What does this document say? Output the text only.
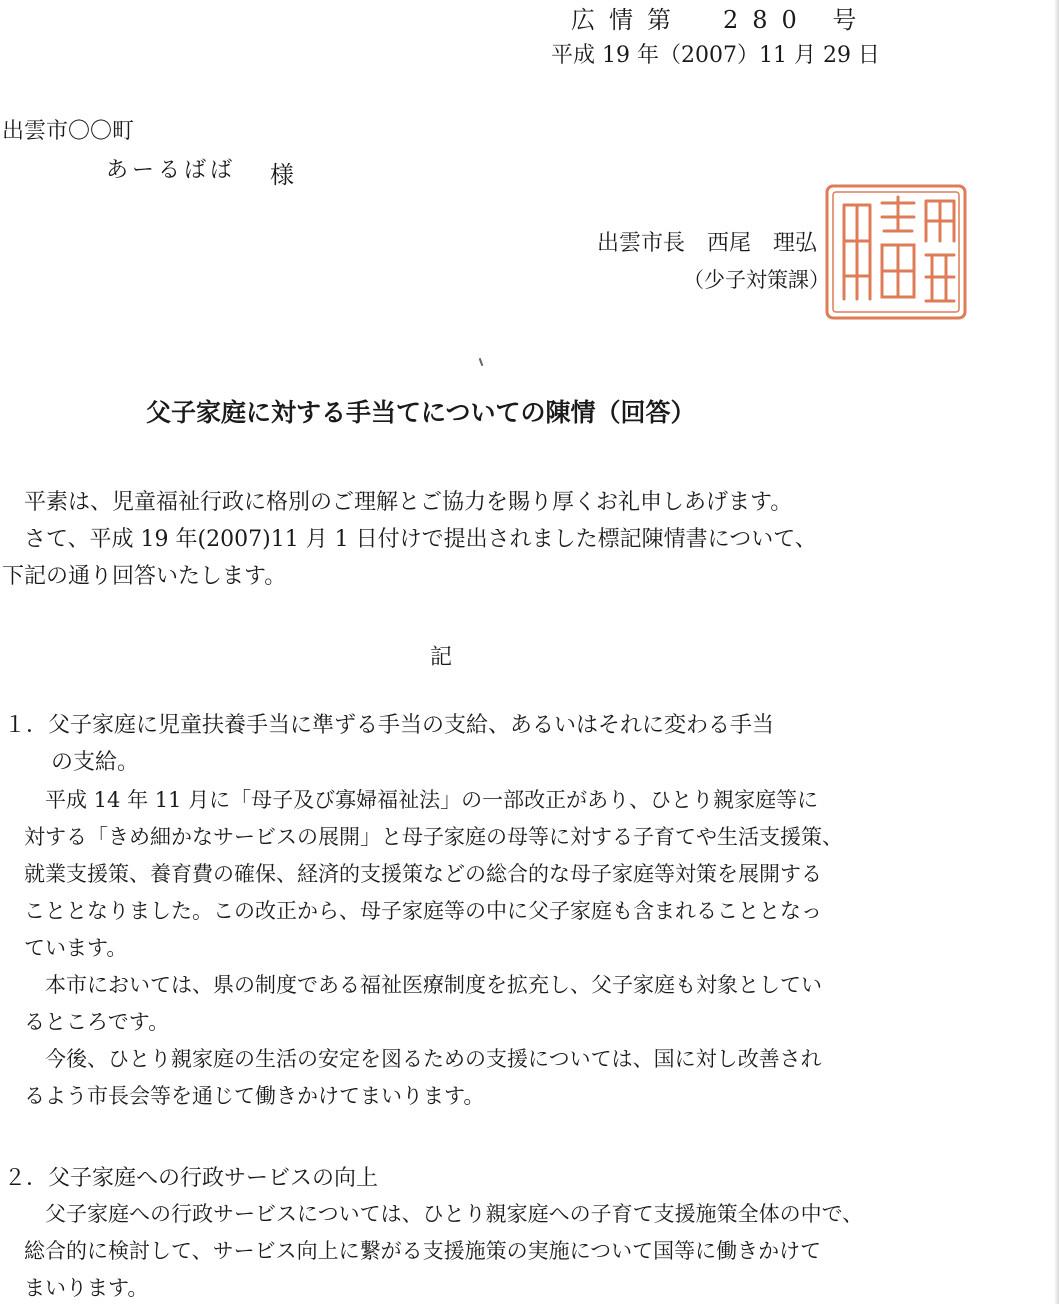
広情第　280 号
平成 19 年（2007）11 月 29 日
出雲市〇〇町
あーるばば 様
出雲市長　西尾　理弘
（少子対策課）
父子家庭に対する手当てについての陳情（回答）
　平素は、児童福祉行政に格別のご理解とご協力を賜り厚くお礼申しあげます。
　さて、平成 19 年(2007)11 月 1 日付けで提出されました標記陳情書について、
下記の通り回答いたします。
記
１．父子家庭に児童扶養手当に準ずる手当の支給、あるいはそれに変わる手当
の支給。
　平成 14 年 11 月に「母子及び寡婦福祉法」の一部改正があり、ひとり親家庭等に
対する「きめ細かなサービスの展開」と母子家庭の母等に対する子育てや生活支援策、
就業支援策、養育費の確保、経済的支援策などの総合的な母子家庭等対策を展開する
こととなりました。この改正から、母子家庭等の中に父子家庭も含まれることとなっ
ています。
　本市においては、県の制度である福祉医療制度を拡充し、父子家庭も対象としてい
るところです。
　今後、ひとり親家庭の生活の安定を図るための支援については、国に対し改善され
るよう市長会等を通じて働きかけてまいります。
２．父子家庭への行政サービスの向上
　父子家庭への行政サービスについては、ひとり親家庭への子育て支援施策全体の中で、
総合的に検討して、サービス向上に繋がる支援施策の実施について国等に働きかけて
まいります。
